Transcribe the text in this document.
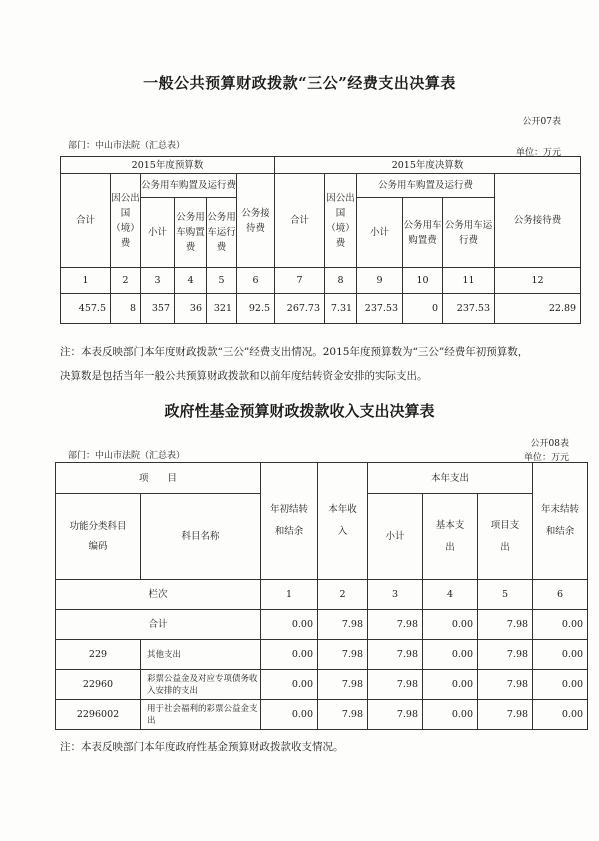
一般公共预算财政拨款“三公”经费支出决算表
公开07表
部门：中山市法院（汇总表）
单位：万元
2015年度预算数						2015年度决算数					
合计	因公出国（境）费	公务用车购置及运行费			公务接待费	合计	因公出国（境）费	公务用车购置及运行费			公务接待费
		小计	公务用车购置费	公务用车运行费				小计	公务用车购置费	公务用车运行费	
1	2	3	4	5	6	7	8	9	10	11	12
457.5	8	357	36	321	92.5	267.73	7.31	237.53	0	237.53	22.89
注：本表反映部门本年度财政拨款“三公”经费支出情况。2015年度预算数为“三公”经费年初预算数，
决算数是包括当年一般公共预算财政拨款和以前年度结转资金安排的实际支出。
政府性基金预算财政拨款收入支出决算表
公开08表
部门：中山市法院（汇总表）	单位：万元
项　　目		年初结转和结余	本年收入	本年支出			年末结转和结余
功能分类科目编码	科目名称			小计	基本支出	项目支出	
栏次		1	2	3	4	5	6
合计		0.00	7.98	7.98	0.00	7.98	0.00
229	其他支出	0.00	7.98	7.98	0.00	7.98	0.00
22960	彩票公益金及对应专项债务收入安排的支出	0.00	7.98	7.98	0.00	7.98	0.00
2296002	用于社会福利的彩票公益金支出	0.00	7.98	7.98	0.00	7.98	0.00
注：本表反映部门本年度政府性基金预算财政拨款收支情况。
